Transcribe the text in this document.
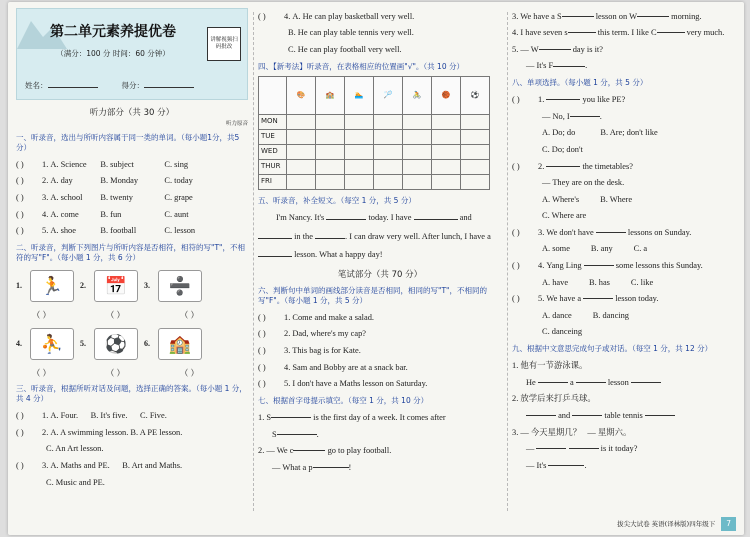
第二单元素养提优卷
（满分：100 分 时间：60 分钟）
讲解视频扫码批改
姓名：	得分：
听力部分（共 30 分）
听力原音
一、听录音，选出与所听内容属于同一类的单词。（每小题1分，共5分）
( )	1.
A. Science	B. subject	C. sing
( )	2.
A. day	B. Monday	C. today
( )	3.
A. school	B. twenty	C. grape
( )	4.
A. come	B. fun	C. aunt
( )	5.
A. shoe	B. football	C. lesson
二、听录音，判断下列图片与所听内容是否相符，相符的写"T"，不相符的写"F"。（每小题 1 分，共 6 分）
1.	🏃	2.	📅	3.	➗
（ ）	（ ）	（ ）
4.	⛹	5.	⚽	6.	🏫
（ ）	（ ）	（ ）
三、听录音，根据所听对话及问题，选择正确的答案。（每小题 1 分，共 4 分）
( )	1.
A. Four.      B. It's five.      C. Five.
( )	2.
A. A swimming lesson. B. A PE lesson.
C. An Art lesson.
( )	3.
A. Maths and PE.      B. Art and Maths.
C. Music and PE.
( )	4.
A. He can play basketball very well.
B. He can play table tennis very well.
C. He can play football very well.
四、【新考法】听录音，在表格相应的位置画"√"。（共 10 分）
	🎨	🏫	🏊	🏸	🚴	🏀	⚽
MON							
TUE							
WED							
THUR							
FRI							
五、听录音，补全短文。（每空 1 分，共 5 分）
I'm Nancy. It's	today. I have	and  in the	. I can draw very well. After lunch, I have a  lesson. What a happy day!
笔试部分（共 70 分）
六、判断句中单词的画线部分读音是否相同，相同的写"T"，不相同的写"F"。（每小题 1 分，共 5 分）
( )	1. Come and make a salad.
( )	2. Dad, where's my cap?
( )	3. This bag is for Kate.
( )	4. Sam and Bobby are at a snack bar.
( )	5. I don't have a Maths lesson on Saturday.
七、根据首字母提示填空。（每空 1 分，共 10 分）
1. S
	is the first day of a week. It comes after
S	.
2. — We c
	go to play football.
— What a p	!
3. We have a S
	lesson on W
	morning.
4. I have seven s
	this term. I like C
	very much.
5. — W
	day is it?
— It's F	.
八、单项选择。（每小题 1 分，共 5 分）
( )	1.

	you like PE?
— No, I	.
A. Do; do            B. Are; don't like
C. Do; don't
( )	2.

	the timetables?
— They are on the desk.
A. Where's          B. Where
C. Where are
( )	3.
We don't have

	lessons on Sunday.
A. some          B. any          C. a
( )	4.
Yang Ling

	some lessons this Sunday.
A. have          B. has          C. like
( )	5.
We have a

	lesson today.
A. dance          B. dancing
C. danceing
九、根据中文意思完成句子或对话。（每空 1 分，共 12 分）
1. 他有一节游泳课。
He

	a

	lesson

2. 放学后来打乒乓球。

and

	table tennis

3. — 今天星期几？   — 星期六。
—

	is it today?
— It's
	.
拔尖大试卷 英语(译林版)四年级下	7
